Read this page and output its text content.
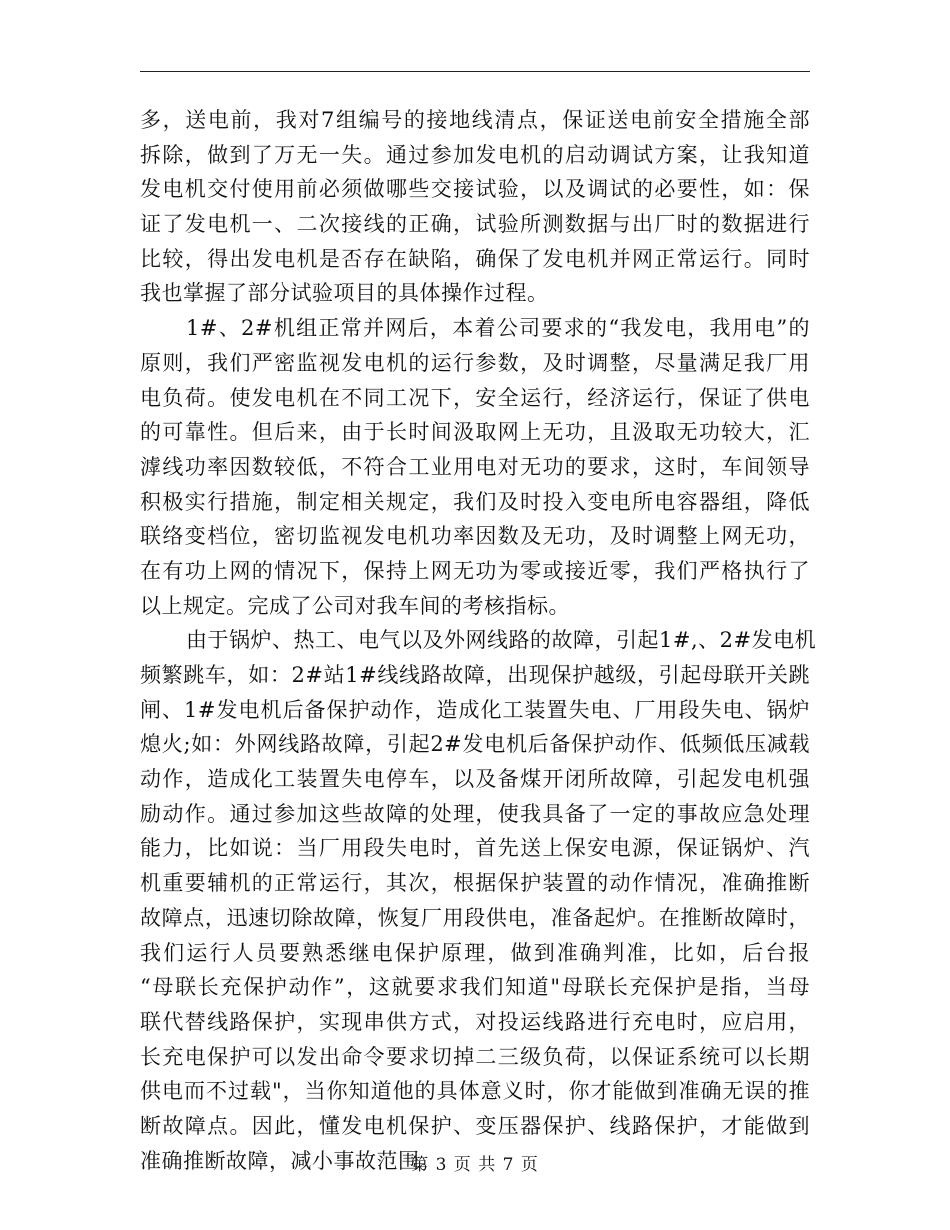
多，送电前，我对7组编号的接地线清点，保证送电前安全措施全部
拆除，做到了万无一失。通过参加发电机的启动调试方案，让我知道
发电机交付使用前必须做哪些交接试验，以及调试的必要性，如：保
证了发电机一、二次接线的正确，试验所测数据与出厂时的数据进行
比较，得出发电机是否存在缺陷，确保了发电机并网正常运行。同时
我也掌握了部分试验项目的具体操作过程。
1#、2#机组正常并网后，本着公司要求的“我发电，我用电”的
原则，我们严密监视发电机的运行参数，及时调整，尽量满足我厂用
电负荷。使发电机在不同工况下，安全运行，经济运行，保证了供电
的可靠性。但后来，由于长时间汲取网上无功，且汲取无功较大，汇
滹线功率因数较低，不符合工业用电对无功的要求，这时，车间领导
积极实行措施，制定相关规定，我们及时投入变电所电容器组，降低
联络变档位，密切监视发电机功率因数及无功，及时调整上网无功，
在有功上网的情况下，保持上网无功为零或接近零，我们严格执行了
以上规定。完成了公司对我车间的考核指标。
由于锅炉、热工、电气以及外网线路的故障，引起1#,、2#发电机
频繁跳车，如：2#站1#线线路故障，出现保护越级，引起母联开关跳
闸、1#发电机后备保护动作，造成化工装置失电、厂用段失电、锅炉
熄火;如：外网线路故障，引起2#发电机后备保护动作、低频低压减载
动作，造成化工装置失电停车，以及备煤开闭所故障，引起发电机强
励动作。通过参加这些故障的处理，使我具备了一定的事故应急处理
能力，比如说：当厂用段失电时，首先送上保安电源，保证锅炉、汽
机重要辅机的正常运行，其次，根据保护装置的动作情况，准确推断
故障点，迅速切除故障，恢复厂用段供电，准备起炉。在推断故障时，
我们运行人员要熟悉继电保护原理，做到准确判准，比如，后台报
“母联长充保护动作”，这就要求我们知道"母联长充保护是指，当母
联代替线路保护，实现串供方式，对投运线路进行充电时，应启用，
长充电保护可以发出命令要求切掉二三级负荷，以保证系统可以长期
供电而不过载"，当你知道他的具体意义时，你才能做到准确无误的推
断故障点。因此，懂发电机保护、变压器保护、线路保护，才能做到
准确推断故障，减小事故范围。
第 3 页 共 7 页
